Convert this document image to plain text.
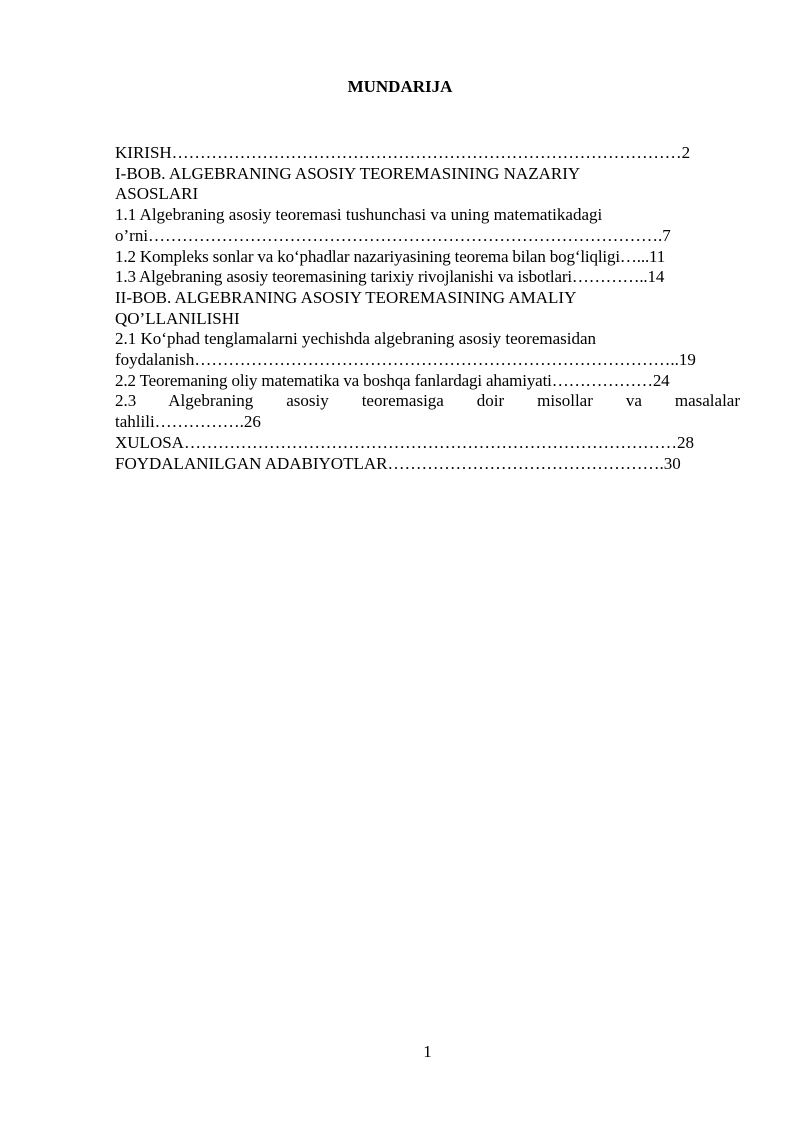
MUNDARIJA

KIRISH………………………………………………………………………………2

I-BOB. ALGEBRANING ASOSIY TEOREMASINING NAZARIY

ASOSLARI

1.1 Algebraning asosiy teoremasi tushunchasi va uning matematikadagi

o’rni……………………………………………………………………………….7

1.2 Kompleks sonlar va ko‘phadlar nazariyasining teorema bilan bog‘liqligi…...11

1.3 Algebraning asosiy teoremasining tarixiy rivojlanishi va isbotlari…………..14

II-BOB. ALGEBRANING ASOSIY TEOREMASINING AMALIY

QO’LLANILISHI

2.1 Ko‘phad tenglamalarni yechishda algebraning asosiy teoremasidan

foydalanish…………………………………………………………………………..19

2.2 Teoremaning oliy matematika va boshqa fanlardagi ahamiyati………………24

2.3 Algebraning asosiy teoremasiga doir misollar va masalalar

tahlili…………….26

XULOSA……………………………………………………………………………28

FOYDALANILGAN ADABIYOTLAR………………………………………….30

1
